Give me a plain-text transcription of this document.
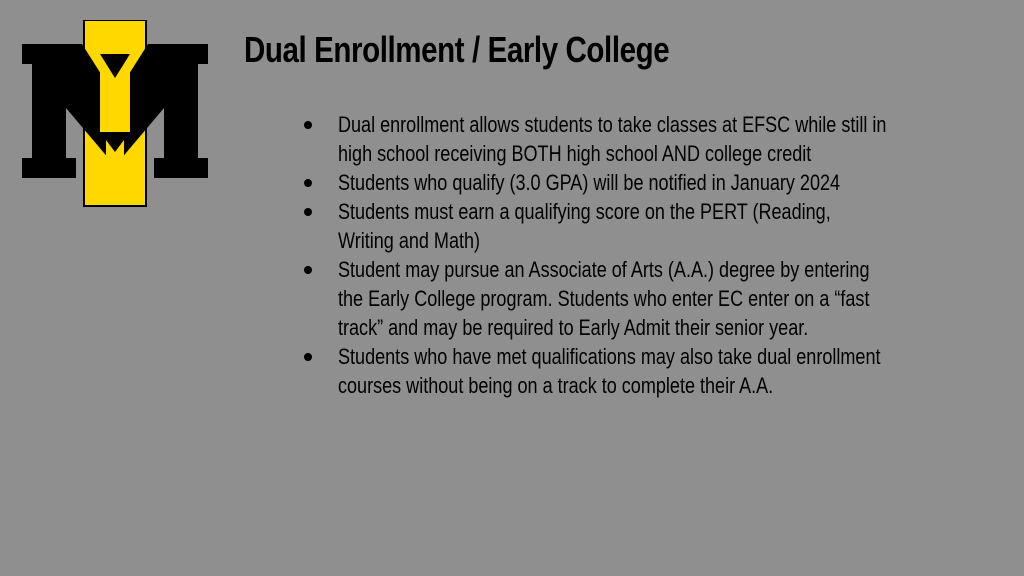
Dual Enrollment / Early College
Dual enrollment allows students to take classes at EFSC while still in high school receiving BOTH high school AND college credit
Students who qualify (3.0 GPA) will be notified in January 2024
Students must earn a qualifying score on the PERT (Reading, Writing and Math)
Student may pursue an Associate of Arts (A.A.) degree by entering the Early College program. Students who enter EC enter on a “fast track” and may be required to Early Admit their senior year.
Students who have met qualifications may also take dual enrollment courses without being on a track to complete their A.A.
